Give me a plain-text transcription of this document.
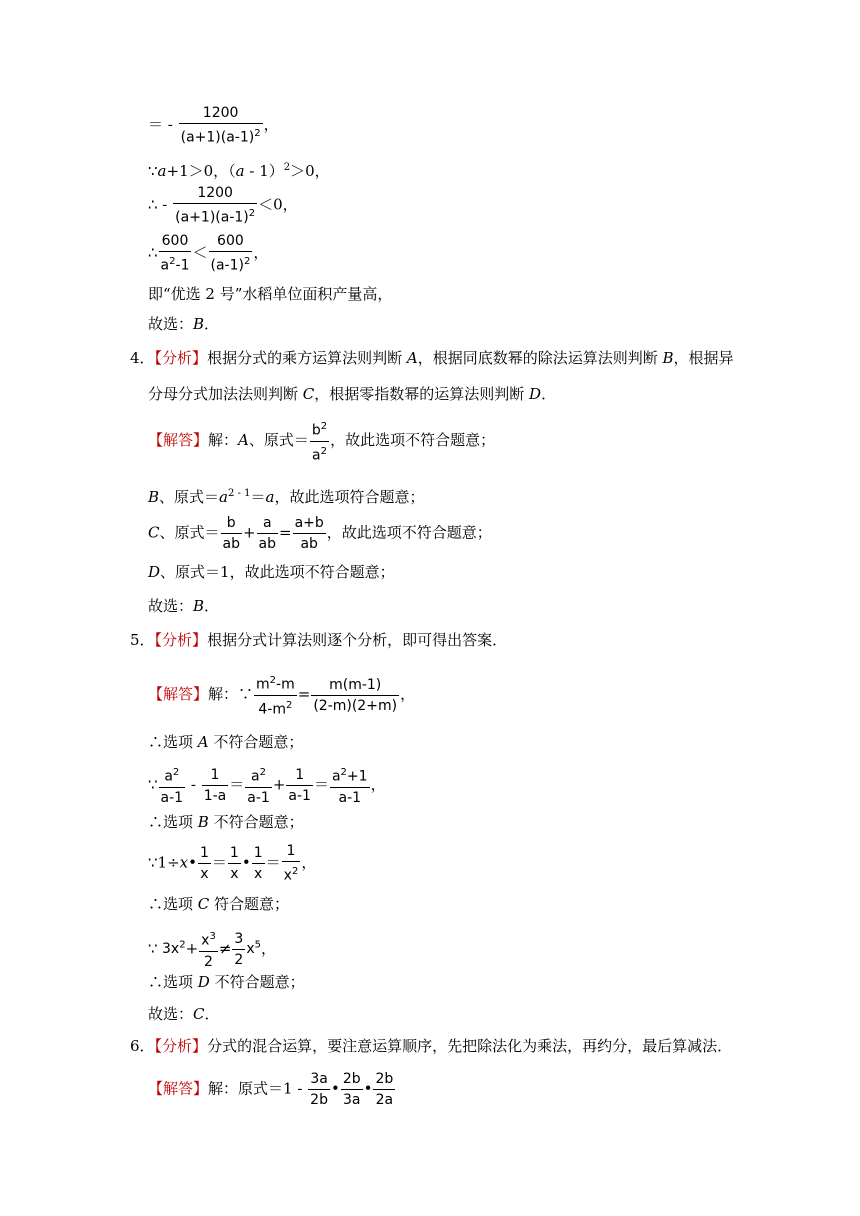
＝ - $\frac{1200}{(a+1)(a-1)^2}$ ，
∵a+1＞0，（a - 1）$^2$＞0，
∴ - $\frac{1200}{(a+1)(a-1)^2} <0$，
∴ $\frac{600}{a^2-1} < \frac{600}{(a-1)^2}$ ，
即“优选 2 号”水稻单位面积产量高，
故选：B．
4．【分析】根据分式的乘方运算法则判断 A，根据同底数幂的除法运算法则判断 B，根据异
分母分式加法法则判断 C，根据零指数幂的运算法则判断 D．
【解答】解：A、原式＝ $\frac{b^2}{a^2}$ ，故此选项不符合题意；
B、原式$=a^{2 - 1}=a$，故此选项符合题意；
C、原式＝ $\frac{b}{ab} + \frac{a}{ab} = \frac{a+b}{ab}$ ，故此选项不符合题意；
D、原式＝1，故此选项不符合题意；
故选：B．
5．【分析】根据分式计算法则逐个分析，即可得出答案．
【解答】解：∵ $\frac{m^2-m}{4-m^2} = \frac{m(m-1)}{(2-m)(2+m)}$ ，
∴选项 A 不符合题意；
∵ $\frac{a^2}{a-1} - \frac{1}{1-a} = \frac{a^2}{a-1} + \frac{1}{a-1} = \frac{a^2+1}{a-1}$ ，
∴选项 B 不符合题意；
∵1÷x• $\frac{1}{x} = \frac{1}{x}$ • $\frac{1}{x} = \frac{1}{x^2}$ ，
∴选项 C 符合题意；
∵ $3x^2+ \frac{x^3}{2} \ne \frac{3}{2} x^5$，
∴选项 D 不符合题意；
故选：C．
6．【分析】分式的混合运算，要注意运算顺序，先把除法化为乘法，再约分，最后算减法．
【解答】解：原式$=1 - \frac{3a}{2b}$ • $\frac{2b}{3a}$ • $\frac{2b}{2a}$
